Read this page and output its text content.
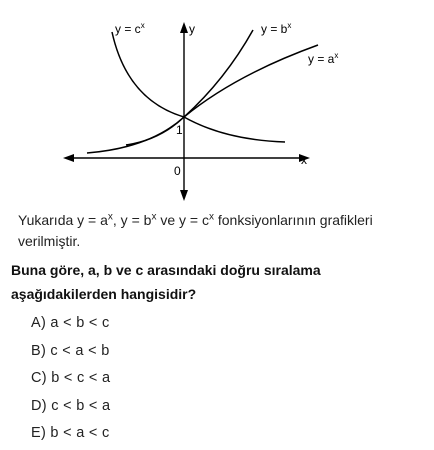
$y = c^x$	$y = b^x$
$y = a^x$
y
x
1
0
Yukarıda $y = a^x$, $y = b^x$ ve $y = c^x$ fonksiyonlarının grafikleri verilmiştir.
Buna göre, a, b ve c arasındaki doğru sıralama aşağıdakilerden hangisidir?
A) a < b < c
B) c < a < b
C) b < c < a
D) c < b < a
E) b < a < c
